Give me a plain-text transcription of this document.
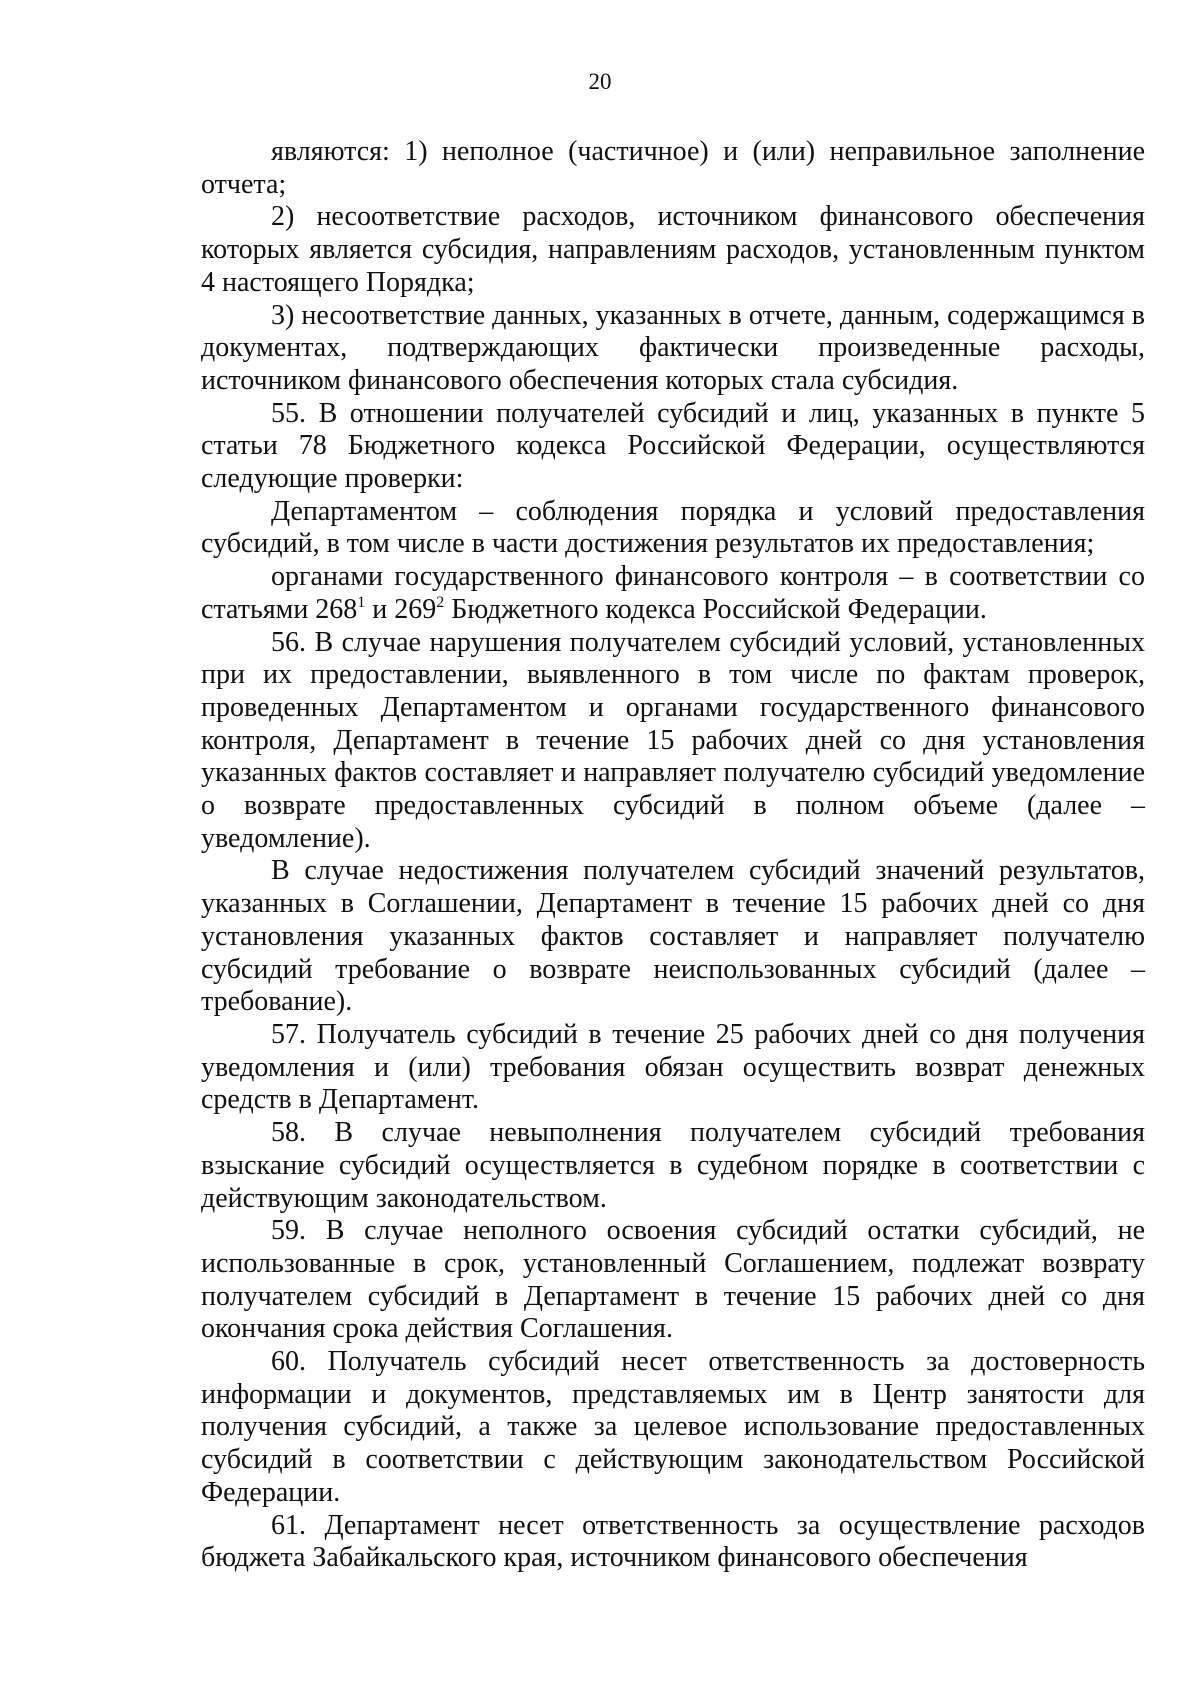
20

являются: 1) неполное (частичное) и (или) неправильное заполнение отчета;

2) несоответствие расходов, источником финансового обеспечения которых является субсидия, направлениям расходов, установленным пунктом 4 настоящего Порядка;

3) несоответствие данных, указанных в отчете, данным, содержащимся в документах, подтверждающих фактически произведенные расходы, источником финансового обеспечения которых стала субсидия.

55. В отношении получателей субсидий и лиц, указанных в пункте 5 статьи 78 Бюджетного кодекса Российской Федерации, осуществляются следующие проверки:

Департаментом – соблюдения порядка и условий предоставления субсидий, в том числе в части достижения результатов их предоставления;

органами государственного финансового контроля – в соответствии со статьями $268^1$ и $269^2$ Бюджетного кодекса Российской Федерации.

56. В случае нарушения получателем субсидий условий, установленных при их предоставлении, выявленного в том числе по фактам проверок, проведенных Департаментом и органами государственного финансового контроля, Департамент в течение 15 рабочих дней со дня установления указанных фактов составляет и направляет получателю субсидий уведомление о возврате предоставленных субсидий в полном объеме (далее – уведомление).

В случае недостижения получателем субсидий значений результатов, указанных в Соглашении, Департамент в течение 15 рабочих дней со дня установления указанных фактов составляет и направляет получателю субсидий требование о возврате неиспользованных субсидий (далее – требование).

57. Получатель субсидий в течение 25 рабочих дней со дня получения уведомления и (или) требования обязан осуществить возврат денежных средств в Департамент.

58. В случае невыполнения получателем субсидий требования взыскание субсидий осуществляется в судебном порядке в соответствии с действующим законодательством.

59. В случае неполного освоения субсидий остатки субсидий, не использованные в срок, установленный Соглашением, подлежат возврату получателем субсидий в Департамент в течение 15 рабочих дней со дня окончания срока действия Соглашения.

60. Получатель субсидий несет ответственность за достоверность информации и документов, представляемых им в Центр занятости для получения субсидий, а также за целевое использование предоставленных субсидий в соответствии с действующим законодательством Российской Федерации.

61. Департамент несет ответственность за осуществление расходов бюджета Забайкальского края, источником финансового обеспечения
